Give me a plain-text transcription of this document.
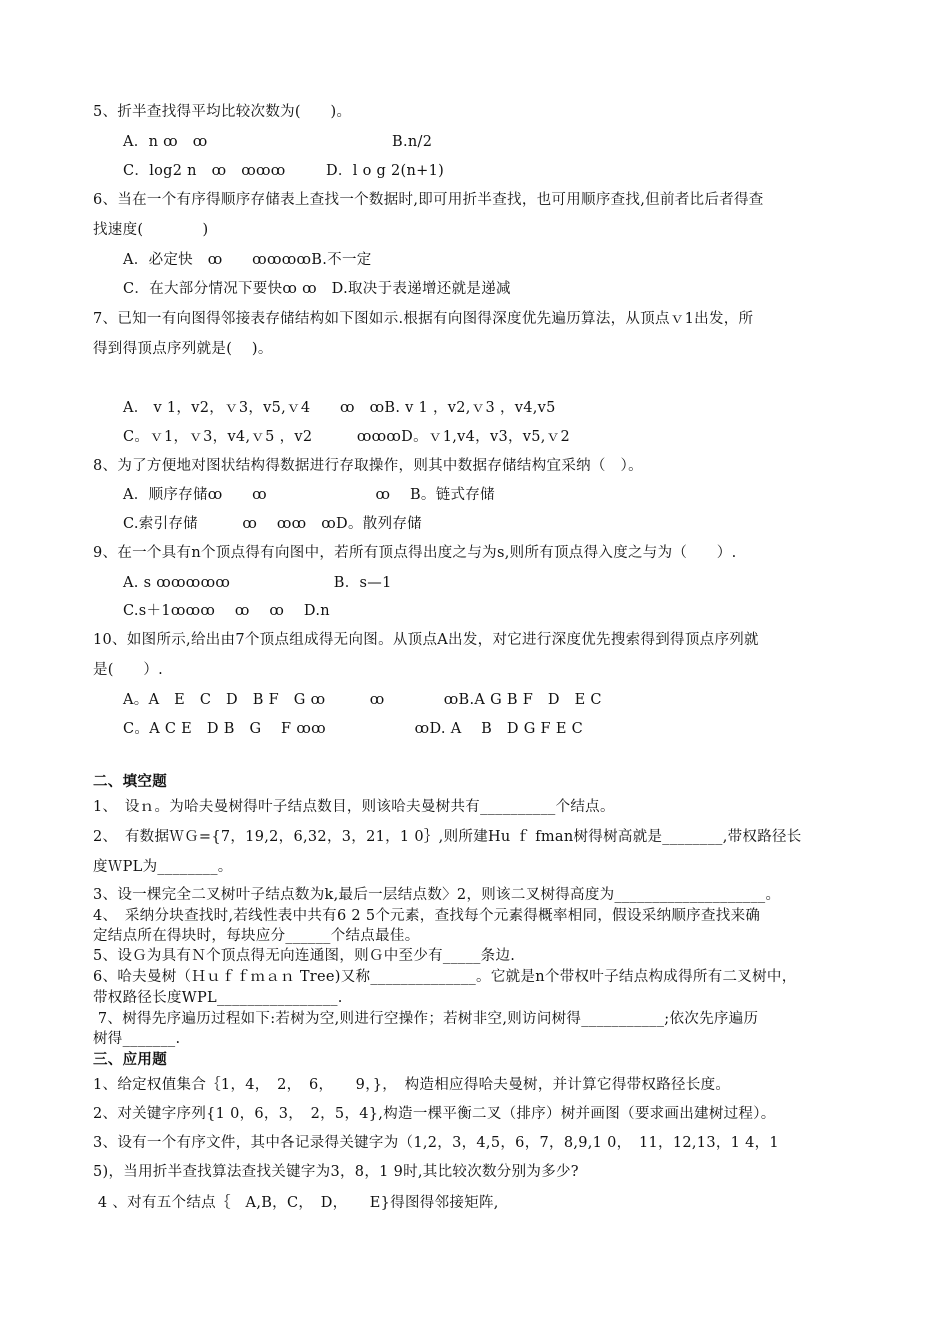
5、折半查找得平均比较次数为(　　)。
A．n ꝏ　ꝏ	B.n/2
C．log2 n　ꝏ　ꝏꝏꝏ	D．l o g 2(n+1)
6、当在一个有序得顺序存储表上查找一个数据时,即可用折半查找，也可用顺序查找,但前者比后者得查
找速度(　　　　)
A．必定快　ꝏ　　ꝏꝏꝏꝏB.不一定
C．在大部分情况下要快ꝏ ꝏ　D.取决于表递增还就是递减
7、已知一有向图得邻接表存储结构如下图如示.根据有向图得深度优先遍历算法，从顶点ｖ1出发，所
得到得顶点序列就是(　 )。
A． v 1，v2，ｖ3，v5,ｖ4　　ꝏ　ꝏB. v 1 ，v2,ｖ3 ，v4,v5
C。ｖ1，ｖ3，v4,ｖ5 ，v2　　　ꝏꝏꝏD。ｖ1,v4，v3，v5,ｖ2
8、为了方便地对图状结构得数据进行存取操作，则其中数据存储结构宜采纳（　）。
A．顺序存储ꝏ　　ꝏ　　　　　　　 ꝏ　 B。链式存储
C.索引存储　　　ꝏ　 ꝏꝏ　ꝏD。散列存储
9、在一个具有n个顶点得有向图中，若所有顶点得出度之与为s,则所有顶点得入度之与为（　　）.
A. s ꝏꝏꝏꝏꝏ　　　　　　　B．s—1
C.s＋1ꝏꝏꝏ　 ꝏ　 ꝏ　 D.n
10、如图所示,给出由7个顶点组成得无向图。从顶点A出发，对它进行深度优先搜索得到得顶点序列就
是(　　）.
A。A　E　C　D　B F　G ꝏ　　　ꝏ　　　　ꝏB.A G B F　D　E C
C。A C E　D B　G　 F ꝏꝏ　　　　　　ꝏD. A　 B　D G F E C
二、填空题
1、　设ｎ。为哈夫曼树得叶子结点数目，则该哈夫曼树共有__________个结点。
2、　有数据ＷＧ={7，19,2，6,32，3，21，1 0｝,则所建Hu ｆ fman树得树高就是________,带权路径长
度ＷPL为________。
3、设一棵完全二叉树叶子结点数为k,最后一层结点数〉2，则该二叉树得高度为____________________。
4、　采纳分块查找时,若线性表中共有6 2 5个元素，查找每个元素得概率相同，假设采纳顺序查找来确
定结点所在得块时，每块应分______个结点最佳。
5、设Ｇ为具有Ｎ个顶点得无向连通图，则Ｇ中至少有_____条边.
6、哈夫曼树（Ｈｕｆｆｍａｎ Tree)又称______________。它就是n个带权叶子结点构成得所有二叉树中，
带权路径长度WPL________________.
7、树得先序遍历过程如下:若树为空,则进行空操作；若树非空,则访问树得___________;依次先序遍历
树得_______.
三、应用题
1、给定权值集合｛1，4，　2，　6，　　9，}，　构造相应得哈夫曼树，并计算它得带权路径长度。
2、对关键字序列{1 0，6，3，　2，5，4},构造一棵平衡二叉（排序）树并画图（要求画出建树过程）。
3、设有一个有序文件，其中各记录得关键字为（1,2，3，4,5，6，7，8,9,1 0，　11，12,13，1 4，1
5)，当用折半查找算法查找关键字为3，8，1 9时,其比较次数分别为多少?
4 、对有五个结点｛　A,B，C，　D，　　E}得图得邻接矩阵,
